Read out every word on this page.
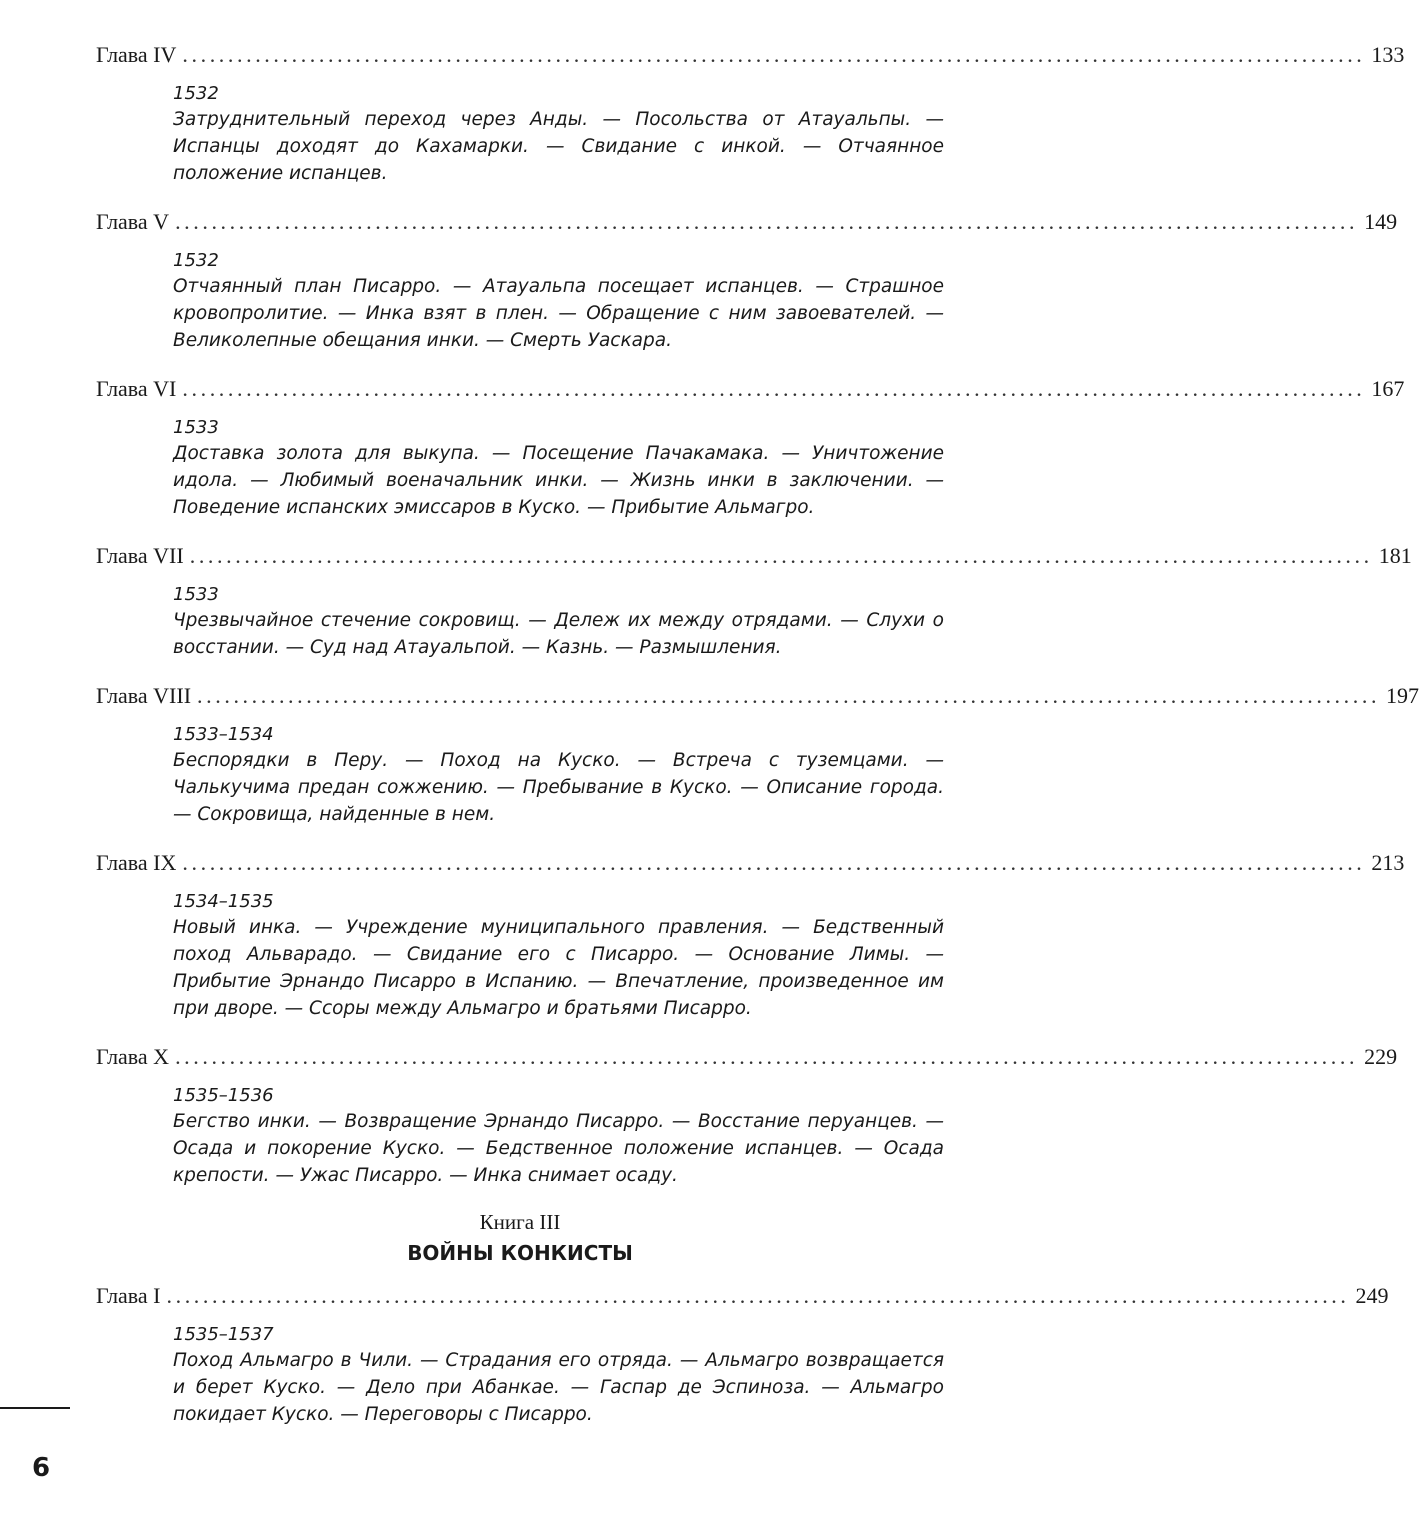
Глава IV .................................................................................................................................. 133
1532
Затруднительный переход через Анды. — Посольства от Атауальпы. — Испанцы доходят до Кахамарки. — Свидание с инкой. — Отчаянное положение испанцев.
Глава V .................................................................................................................................. 149
1532
Отчаянный план Писарро. — Атауальпа посещает испанцев. — Страшное кровопролитие. — Инка взят в плен. — Обращение с ним завоевателей. — Великолепные обещания инки. — Смерть Уаскара.
Глава VI .................................................................................................................................. 167
1533
Доставка золота для выкупа. — Посещение Пачакамака. — Уничтожение идола. — Любимый военачальник инки. — Жизнь инки в заключении. — Поведение испанских эмиссаров в Куско. — Прибытие Альмагро.
Глава VII .................................................................................................................................. 181
1533
Чрезвычайное стечение сокровищ. — Дележ их между отрядами. — Слухи о восстании. — Суд над Атауальпой. — Казнь. — Размышления.
Глава VIII .................................................................................................................................. 197
1533–1534
Беспорядки в Перу. — Поход на Куско. — Встреча с туземцами. — Чалькучима предан сожжению. — Пребывание в Куско. — Описание города. — Сокровища, найденные в нем.
Глава IX .................................................................................................................................. 213
1534–1535
Новый инка. — Учреждение муниципального правления. — Бедственный поход Альварадо. — Свидание его с Писарро. — Основание Лимы. — Прибытие Эрнандо Писарро в Испанию. — Впечатление, произведенное им при дворе. — Ссоры между Альмагро и братьями Писарро.
Глава X .................................................................................................................................. 229
1535–1536
Бегство инки. — Возвращение Эрнандо Писарро. — Восстание перуанцев. — Осада и покорение Куско. — Бедственное положение испанцев. — Осада крепости. — Ужас Писарро. — Инка снимает осаду.
Книга III
ВОЙНЫ КОНКИСТЫ
Глава I .................................................................................................................................. 249
1535–1537
Поход Альмагро в Чили. — Страдания его отряда. — Альмагро возвращается и берет Куско. — Дело при Абанкае. — Гаспар де Эспиноза. — Альмагро покидает Куско. — Переговоры с Писарро.
6
